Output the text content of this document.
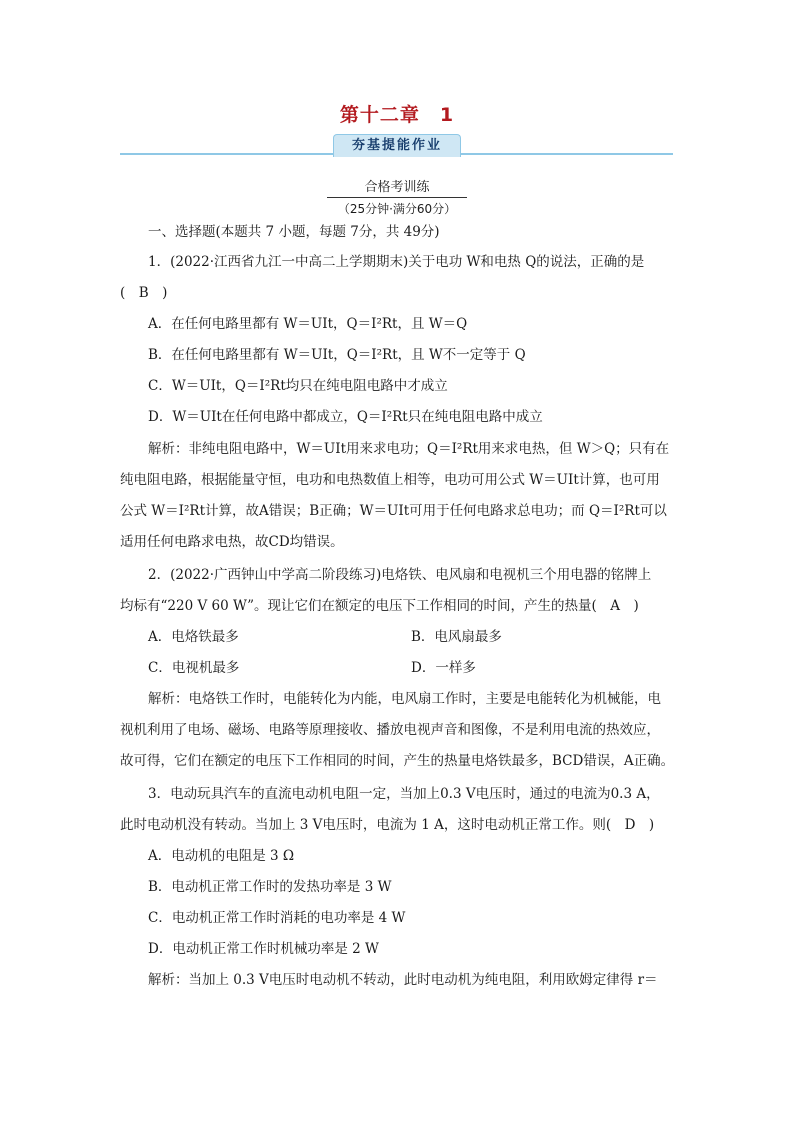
第十二章　1
夯基提能作业
合格考训练
（25分钟·满分60分）
一、选择题(本题共 7 小题，每题 7分，共 49分)
1．(2022·江西省九江一中高二上学期期末)关于电功 W和电热 Q的说法，正确的是
(　B　)
A．在任何电路里都有 W＝UIt，Q＝I²Rt，且 W＝Q
B．在任何电路里都有 W＝UIt，Q＝I²Rt，且 W不一定等于 Q
C．W＝UIt，Q＝I²Rt均只在纯电阻电路中才成立
D．W＝UIt在任何电路中都成立，Q＝I²Rt只在纯电阻电路中成立
解析：非纯电阻电路中，W＝UIt用来求电功；Q＝I²Rt用来求电热，但 W＞Q；只有在
纯电阻电路，根据能量守恒，电功和电热数值上相等，电功可用公式 W＝UIt计算，也可用
公式 W＝I²Rt计算，故A错误；B正确；W＝UIt可用于任何电路求总电功；而 Q＝I²Rt可以
适用任何电路求电热，故CD均错误。
2．(2022·广西钟山中学高二阶段练习)电烙铁、电风扇和电视机三个用电器的铭牌上
均标有“220 V 60 W”。现让它们在额定的电压下工作相同的时间，产生的热量(　A　)
A．电烙铁最多	B．电风扇最多
C．电视机最多	D．一样多
解析：电烙铁工作时，电能转化为内能，电风扇工作时，主要是电能转化为机械能，电
视机利用了电场、磁场、电路等原理接收、播放电视声音和图像，不是利用电流的热效应，
故可得，它们在额定的电压下工作相同的时间，产生的热量电烙铁最多，BCD错误，A正确。
3．电动玩具汽车的直流电动机电阻一定，当加上0.3 V电压时，通过的电流为0.3 A，
此时电动机没有转动。当加上 3 V电压时，电流为 1 A，这时电动机正常工作。则(　D　)
A．电动机的电阻是 3 Ω
B．电动机正常工作时的发热功率是 3 W
C．电动机正常工作时消耗的电功率是 4 W
D．电动机正常工作时机械功率是 2 W
解析：当加上 0.3 V电压时电动机不转动，此时电动机为纯电阻，利用欧姆定律得 r＝
